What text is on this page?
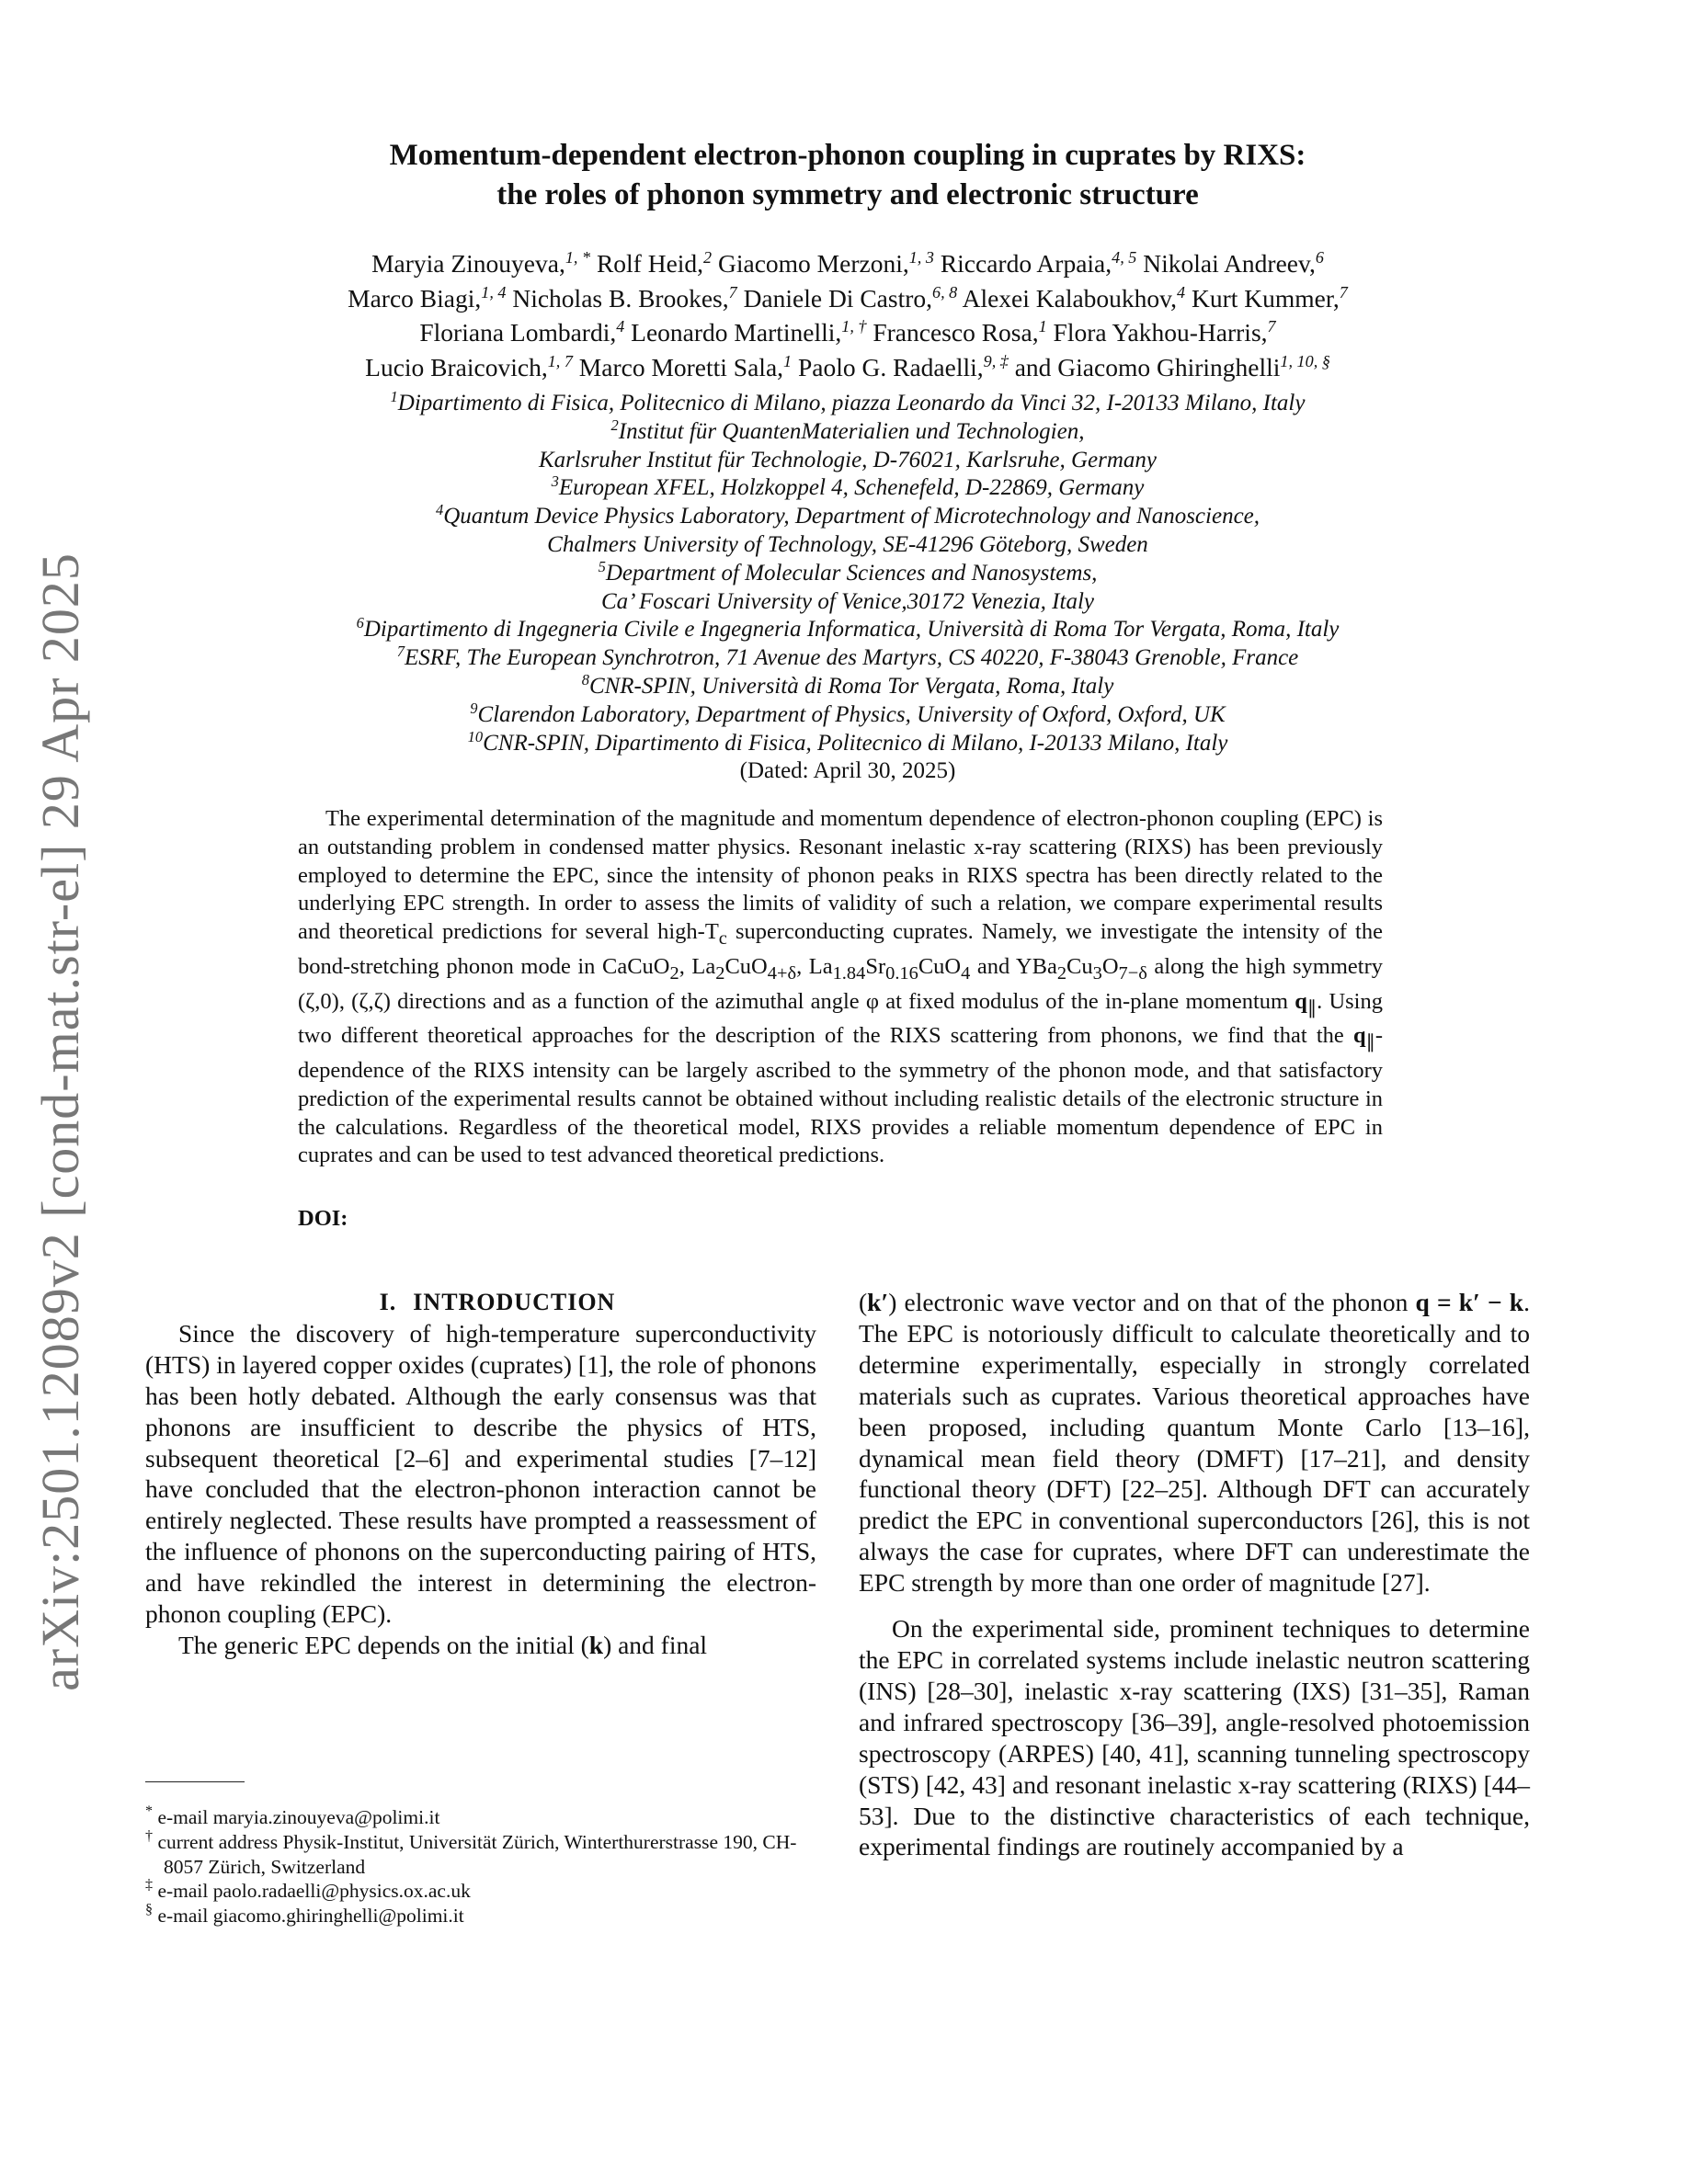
arXiv:2501.12089v2 [cond-mat.str-el] 29 Apr 2025
Momentum-dependent electron-phonon coupling in cuprates by RIXS:
the roles of phonon symmetry and electronic structure
Maryia Zinouyeva,$^{1, *}$ Rolf Heid,$^2$ Giacomo Merzoni,$^{1, 3}$ Riccardo Arpaia,$^{4, 5}$ Nikolai Andreev,$^6$
Marco Biagi,$^{1, 4}$ Nicholas B. Brookes,$^7$ Daniele Di Castro,$^{6, 8}$ Alexei Kalaboukhov,$^4$ Kurt Kummer,$^7$
Floriana Lombardi,$^4$ Leonardo Martinelli,$^{1, \dagger}$ Francesco Rosa,$^1$ Flora Yakhou-Harris,$^7$
Lucio Braicovich,$^{1, 7}$ Marco Moretti Sala,$^1$ Paolo G. Radaelli,$^{9, \ddagger}$ and Giacomo Ghiringhelli$^{1, 10, \S}$
$^1$Dipartimento di Fisica, Politecnico di Milano, piazza Leonardo da Vinci 32, I-20133 Milano, Italy
$^2$Institut für QuantenMaterialien und Technologien,
Karlsruher Institut für Technologie, D-76021, Karlsruhe, Germany
$^3$European XFEL, Holzkoppel 4, Schenefeld, D-22869, Germany
$^4$Quantum Device Physics Laboratory, Department of Microtechnology and Nanoscience,
Chalmers University of Technology, SE-41296 Göteborg, Sweden
$^5$Department of Molecular Sciences and Nanosystems,
Ca’ Foscari University of Venice,30172 Venezia, Italy
$^6$Dipartimento di Ingegneria Civile e Ingegneria Informatica, Università di Roma Tor Vergata, Roma, Italy
$^7$ESRF, The European Synchrotron, 71 Avenue des Martyrs, CS 40220, F-38043 Grenoble, France
$^8$CNR-SPIN, Università di Roma Tor Vergata, Roma, Italy
$^9$Clarendon Laboratory, Department of Physics, University of Oxford, Oxford, UK
$^{10}$CNR-SPIN, Dipartimento di Fisica, Politecnico di Milano, I-20133 Milano, Italy
(Dated: April 30, 2025)
The experimental determination of the magnitude and momentum dependence of electron-phonon coupling (EPC) is an outstanding problem in condensed matter physics. Resonant inelastic x-ray scattering (RIXS) has been previously employed to determine the EPC, since the intensity of phonon peaks in RIXS spectra has been directly related to the underlying EPC strength. In order to assess the limits of validity of such a relation, we compare experimental results and theoretical predictions for several high-$T_c$ superconducting cuprates. Namely, we investigate the intensity of the bond-stretching phonon mode in CaCuO$_2$, $La_2CuO_{4+\delta}$, $La_{1.84}Sr_{0.16}CuO_4$ and $YBa_2Cu_3O_{7-\delta}$ along the high symmetry (ζ,0), (ζ,ζ) directions and as a function of the azimuthal angle φ at fixed modulus of the in-plane momentum $q_\parallel$. Using two different theoretical approaches for the description of the RIXS scattering from phonons, we find that the $q_\parallel$-dependence of the RIXS intensity can be largely ascribed to the symmetry of the phonon mode, and that satisfactory prediction of the experimental results cannot be obtained without including realistic details of the electronic structure in the calculations. Regardless of the theoretical model, RIXS provides a reliable momentum dependence of EPC in cuprates and can be used to test advanced theoretical predictions.
DOI:

I. INTRODUCTION

Since the discovery of high-temperature superconductivity (HTS) in layered copper oxides (cuprates) [1], the role of phonons has been hotly debated. Although the early consensus was that phonons are insufficient to describe the physics of HTS, subsequent theoretical [2–6] and experimental studies [7–12] have concluded that the electron-phonon interaction cannot be entirely neglected. These results have prompted a reassessment of the influence of phonons on the superconducting pairing of HTS, and have rekindled the interest in determining the electron-phonon coupling (EPC).

The generic EPC depends on the initial (k) and final

(k′) electronic wave vector and on that of the phonon q = k′ − k. The EPC is notoriously difficult to calculate theoretically and to determine experimentally, especially in strongly correlated materials such as cuprates. Various theoretical approaches have been proposed, including quantum Monte Carlo [13–16], dynamical mean field theory (DMFT) [17–21], and density functional theory (DFT) [22–25]. Although DFT can accurately predict the EPC in conventional superconductors [26], this is not always the case for cuprates, where DFT can underestimate the EPC strength by more than one order of magnitude [27].

On the experimental side, prominent techniques to determine the EPC in correlated systems include inelastic neutron scattering (INS) [28–30], inelastic x-ray scattering (IXS) [31–35], Raman and infrared spectroscopy [36–39], angle-resolved photoemission spectroscopy (ARPES) [40, 41], scanning tunneling spectroscopy (STS) [42, 43] and resonant inelastic x-ray scattering (RIXS) [44–53]. Due to the distinctive characteristics of each technique, experimental findings are routinely accompanied by a

* e-mail maryia.zinouyeva@polimi.it

† current address Physik-Institut, Universität Zürich, Winterthurerstrasse 190, CH-8057 Zürich, Switzerland

‡ e-mail paolo.radaelli@physics.ox.ac.uk

§ e-mail giacomo.ghiringhelli@polimi.it
